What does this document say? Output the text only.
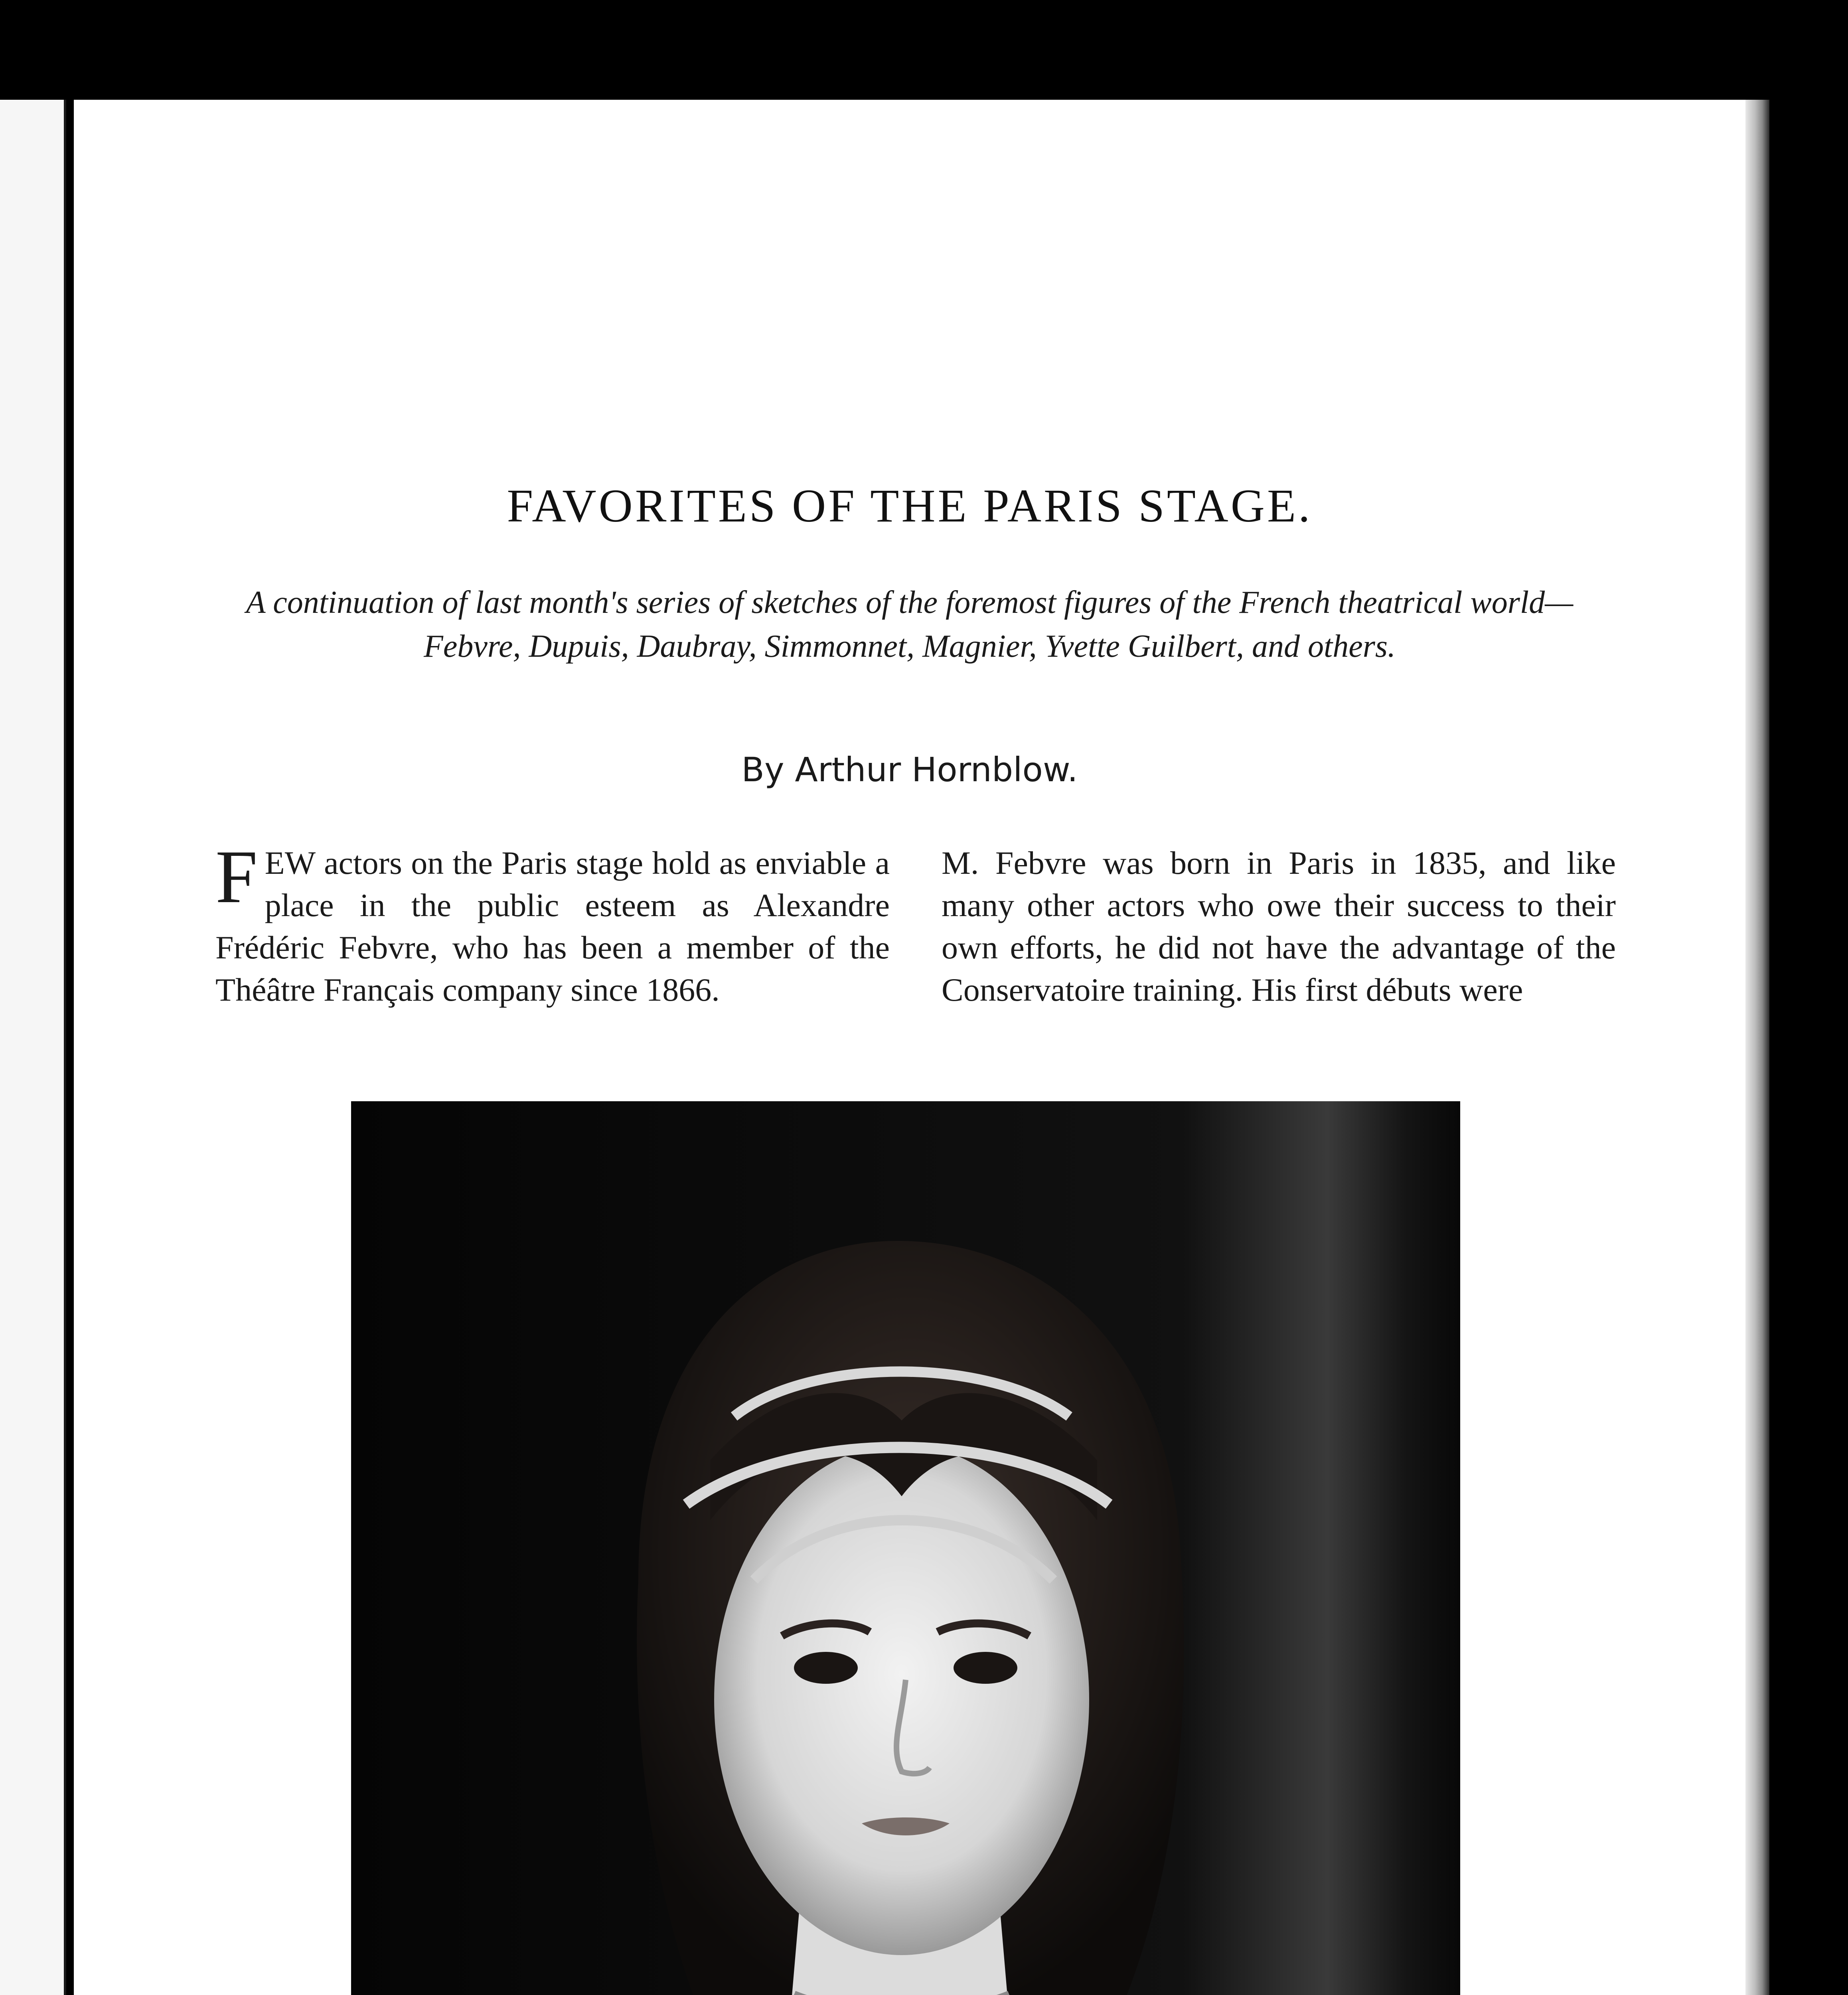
FAVORITES OF THE PARIS STAGE.

A continuation of last month's series of sketches of the foremost figures of the French theatrical world—Febvre, Dupuis, Daubray, Simmonnet, Magnier, Yvette Guilbert, and others.

By Arthur Hornblow.

FEW actors on the Paris stage hold as enviable a place in the public esteem as Alexandre Frédéric Febvre, who has been a member of the Théâtre Français company since 1866.

M. Febvre was born in Paris in 1835, and like many other actors who owe their success to their own efforts, he did not have the advantage of the Conservatoire training. His first débuts were
